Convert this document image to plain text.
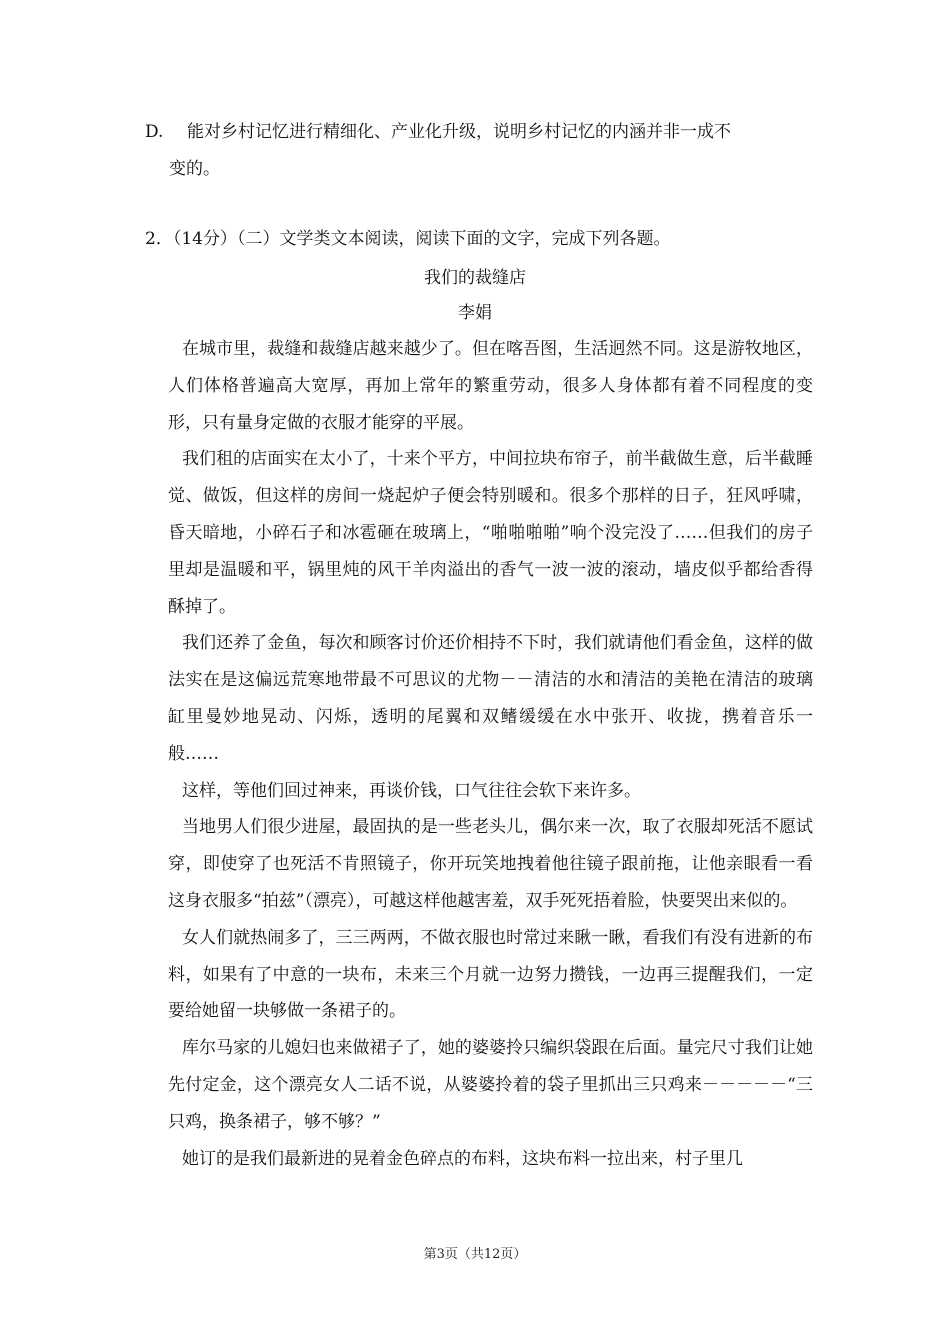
D. 能对乡村记忆进行精细化、产业化升级，说明乡村记忆的内涵并非一成不
变的。
2．（14分）（二）文学类文本阅读，阅读下面的文字，完成下列各题。
我们的裁缝店
李娟

在城市里，裁缝和裁缝店越来越少了。但在喀吾图，生活迥然不同。这是游牧地区，人们体格普遍高大宽厚，再加上常年的繁重劳动，很多人身体都有着不同程度的变形，只有量身定做的衣服才能穿的平展。

我们租的店面实在太小了，十来个平方，中间拉块布帘子，前半截做生意，后半截睡觉、做饭，但这样的房间一烧起炉子便会特别暖和。很多个那样的日子，狂风呼啸，昏天暗地，小碎石子和冰雹砸在玻璃上，“啪啪啪啪”响个没完没了……但我们的房子里却是温暖和平，锅里炖的风干羊肉溢出的香气一波一波的滚动，墙皮似乎都给香得酥掉了。

我们还养了金鱼，每次和顾客讨价还价相持不下时，我们就请他们看金鱼，这样的做法实在是这偏远荒寒地带最不可思议的尤物－－清洁的水和清洁的美艳在清洁的玻璃缸里曼妙地晃动、闪烁，透明的尾翼和双鳍缓缓在水中张开、收拢，携着音乐一般……

这样，等他们回过神来，再谈价钱，口气往往会软下来许多。

当地男人们很少进屋，最固执的是一些老头儿，偶尔来一次，取了衣服却死活不愿试穿，即使穿了也死活不肯照镜子，你开玩笑地拽着他往镜子跟前拖，让他亲眼看一看这身衣服多“拍兹”（漂亮），可越这样他越害羞，双手死死捂着脸，快要哭出来似的。

女人们就热闹多了，三三两两，不做衣服也时常过来瞅一瞅，看我们有没有进新的布料，如果有了中意的一块布，未来三个月就一边努力攒钱，一边再三提醒我们，一定要给她留一块够做一条裙子的。

库尔马家的儿媳妇也来做裙子了，她的婆婆拎只编织袋跟在后面。量完尺寸我们让她先付定金，这个漂亮女人二话不说，从婆婆拎着的袋子里抓出三只鸡来－－－－－“三只鸡，换条裙子，够不够？”

她订的是我们最新进的晃着金色碎点的布料，这块布料一拉出来，村子里几

第3页（共12页）
